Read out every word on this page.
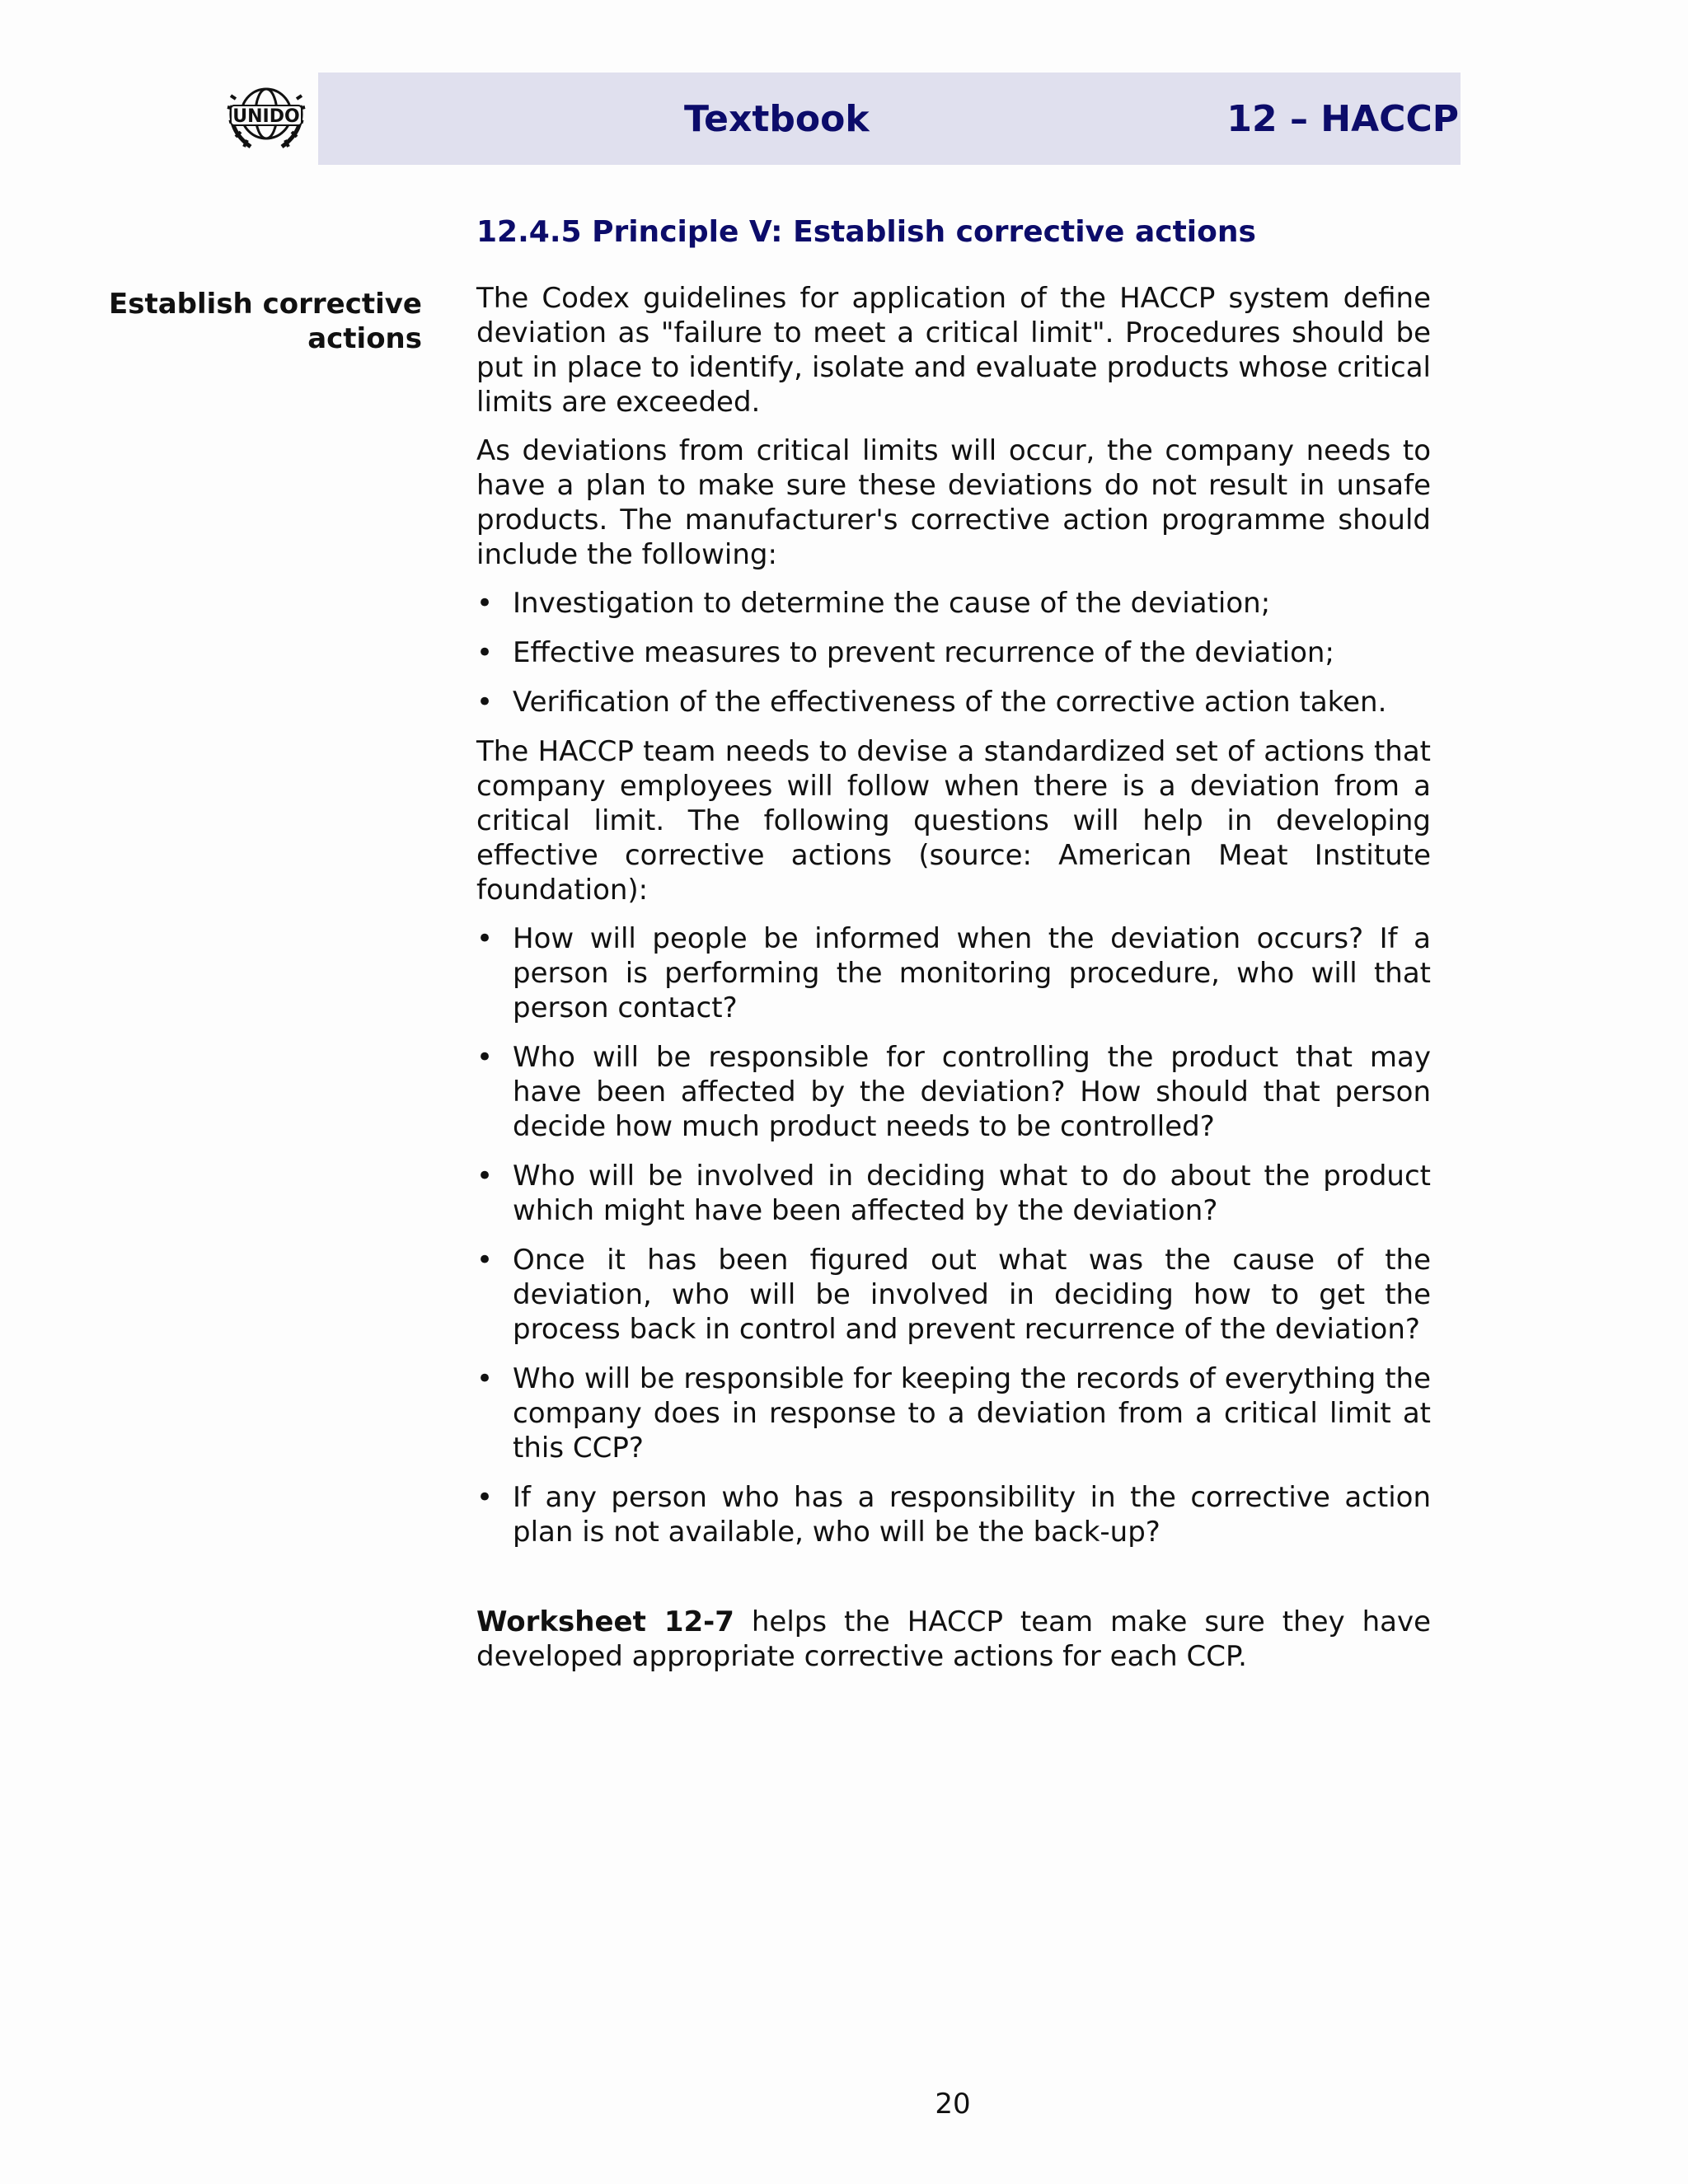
UNIDO	Textbook	12 – HACCP
12.4.5 Principle V: Establish corrective actions
Establish corrective actions

The Codex guidelines for application of the HACCP system define deviation as "failure to meet a critical limit". Procedures should be put in place to identify, isolate and evaluate products whose critical limits are exceeded.

As deviations from critical limits will occur, the company needs to have a plan to make sure these deviations do not result in unsafe products. The manufacturer's corrective action programme should include the following:

• Investigation to determine the cause of the deviation;
• Effective measures to prevent recurrence of the deviation;
• Verification of the effectiveness of the corrective action taken.

The HACCP team needs to devise a standardized set of actions that company employees will follow when there is a deviation from a critical limit. The following questions will help in developing effective corrective actions (source: American Meat Institute foundation):

• How will people be informed when the deviation occurs? If a person is performing the monitoring procedure, who will that person contact?
• Who will be responsible for controlling the product that may have been affected by the deviation? How should that person decide how much product needs to be controlled?
• Who will be involved in deciding what to do about the product which might have been affected by the deviation?
• Once it has been figured out what was the cause of the deviation, who will be involved in deciding how to get the process back in control and prevent recurrence of the deviation?
• Who will be responsible for keeping the records of everything the company does in response to a deviation from a critical limit at this CCP?
• If any person who has a responsibility in the corrective action plan is not available, who will be the back-up?

Worksheet 12-7 helps the HACCP team make sure they have developed appropriate corrective actions for each CCP.

20
